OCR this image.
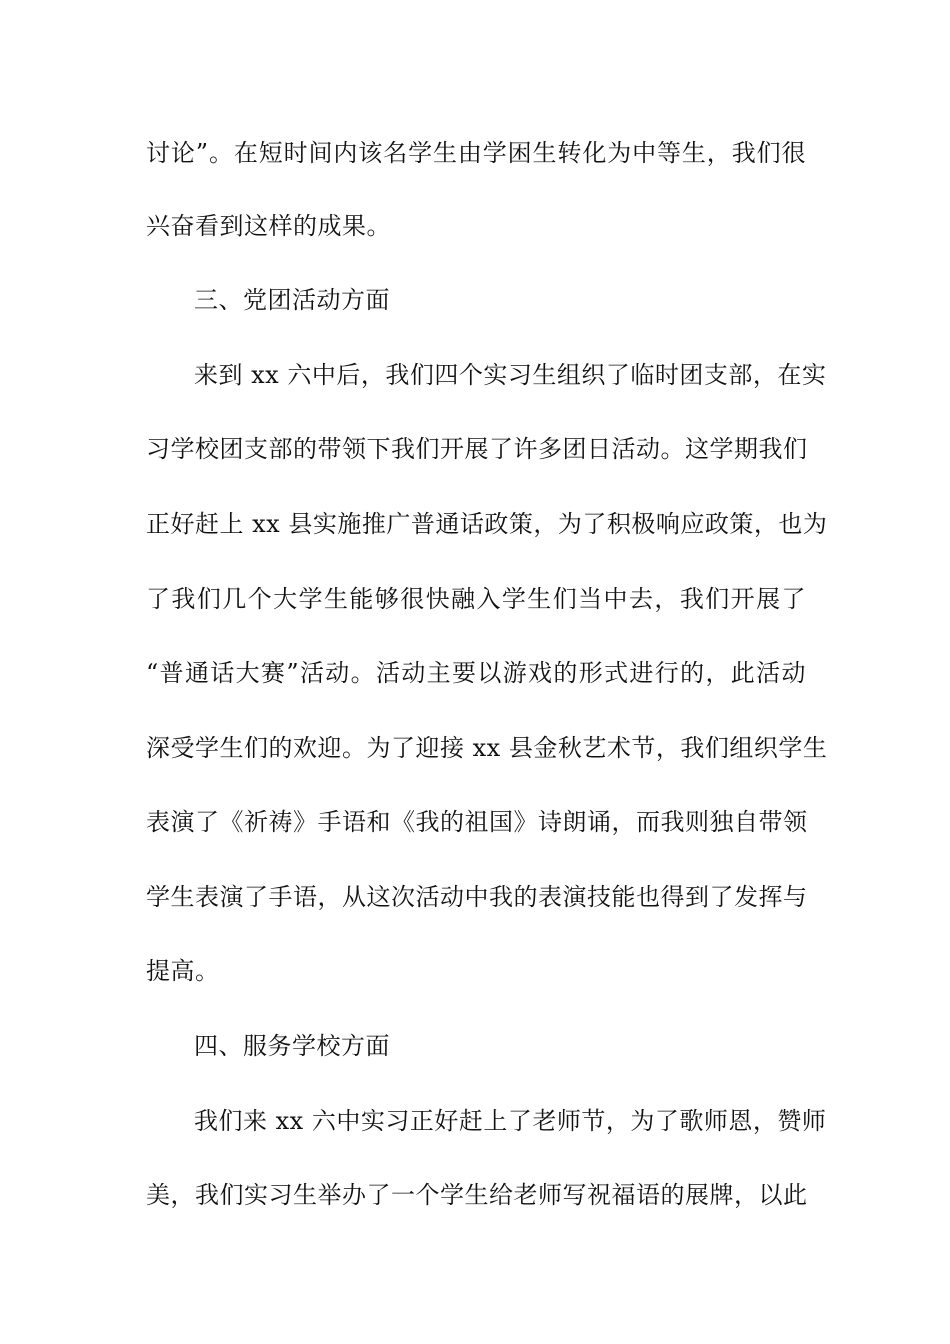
讨论”。在短时间内该名学生由学困生转化为中等生，我们很
兴奋看到这样的成果。
三、党团活动方面
来到 xx 六中后，我们四个实习生组织了临时团支部，在实
习学校团支部的带领下我们开展了许多团日活动。这学期我们
正好赶上 xx 县实施推广普通话政策，为了积极响应政策，也为
了我们几个大学生能够很快融入学生们当中去，我们开展了
“普通话大赛”活动。活动主要以游戏的形式进行的，此活动
深受学生们的欢迎。为了迎接 xx 县金秋艺术节，我们组织学生
表演了《祈祷》手语和《我的祖国》诗朗诵，而我则独自带领
学生表演了手语，从这次活动中我的表演技能也得到了发挥与
提高。
四、服务学校方面
我们来 xx 六中实习正好赶上了老师节，为了歌师恩，赞师
美，我们实习生举办了一个学生给老师写祝福语的展牌，以此
